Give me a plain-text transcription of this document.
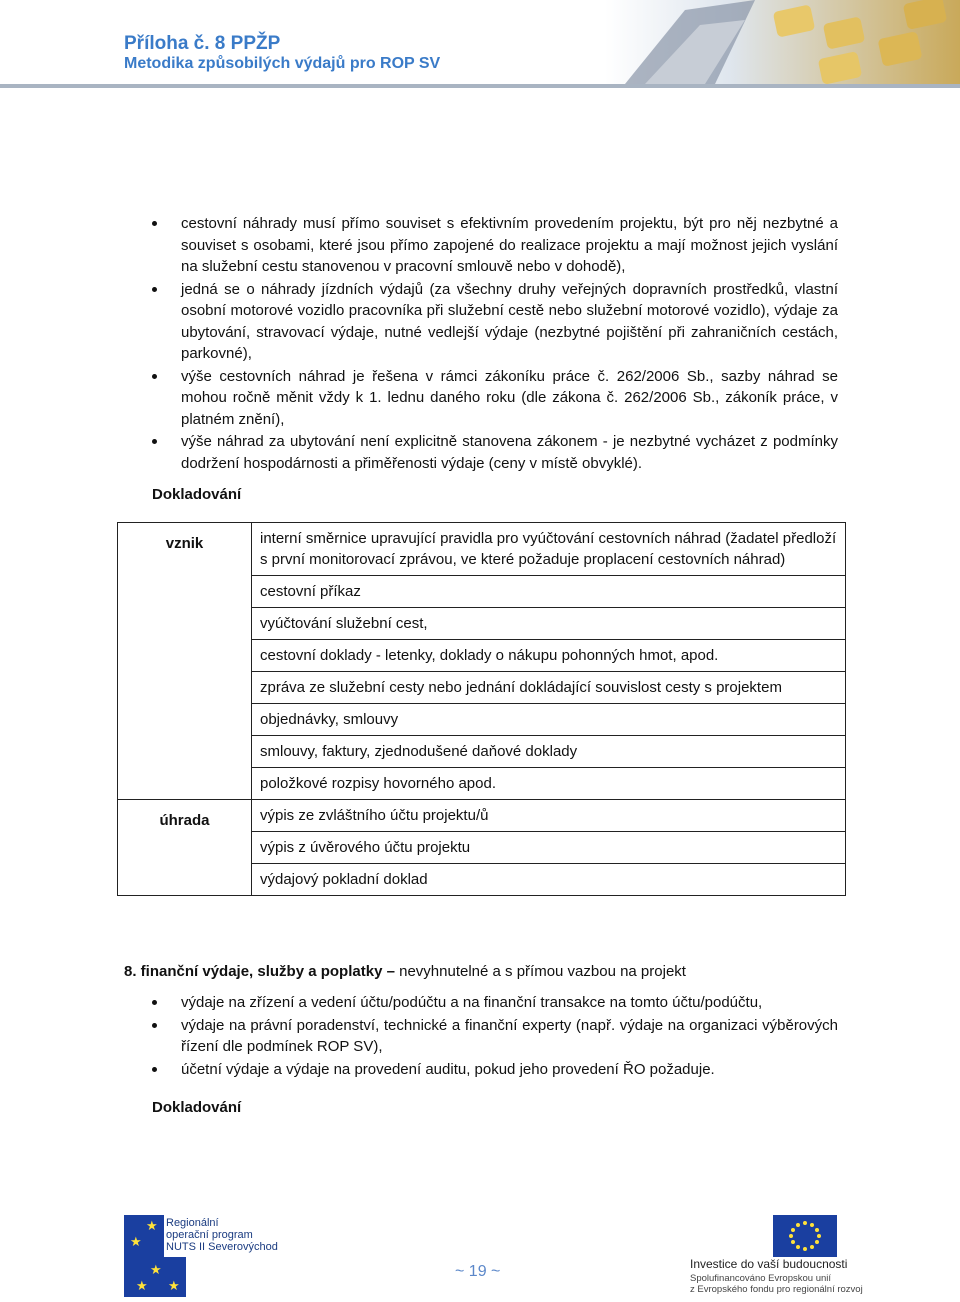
Příloha č. 8 PPŽP
Metodika způsobilých výdajů pro ROP SV
cestovní náhrady musí přímo souviset s efektivním provedením projektu, být pro něj nezbytné a souviset s osobami, které jsou přímo zapojené do realizace projektu a mají možnost jejich vyslání na služební cestu stanovenou v pracovní smlouvě nebo v dohodě),
jedná se o náhrady jízdních výdajů (za všechny druhy veřejných dopravních prostředků, vlastní osobní motorové vozidlo pracovníka při služební cestě nebo služební motorové vozidlo), výdaje za ubytování, stravovací výdaje, nutné vedlejší výdaje (nezbytné pojištění při zahraničních cestách, parkovné),
výše cestovních náhrad je řešena v rámci zákoníku práce č. 262/2006 Sb., sazby náhrad se mohou ročně měnit vždy k 1. lednu daného roku (dle zákona č. 262/2006 Sb., zákoník práce, v platném znění),
výše náhrad za ubytování není explicitně stanovena zákonem - je nezbytné vycházet z podmínky dodržení hospodárnosti a přiměřenosti výdaje (ceny v místě obvyklé).
Dokladování
vznik	interní směrnice upravující pravidla pro vyúčtování cestovních náhrad (žadatel předloží s první monitorovací zprávou, ve které požaduje proplacení cestovních náhrad)
	cestovní příkaz
	vyúčtování služební cest,
	cestovní doklady - letenky, doklady o nákupu pohonných hmot, apod.
	zpráva ze služební cesty nebo jednání dokládající souvislost cesty s projektem
	objednávky, smlouvy
	smlouvy, faktury, zjednodušené daňové doklady
	položkové rozpisy hovorného apod.
úhrada	výpis ze zvláštního účtu projektu/ů
	výpis z úvěrového účtu projektu
	výdajový pokladní doklad
8. finanční výdaje, služby a poplatky – nevyhnutelné a s přímou vazbou na projekt
výdaje na zřízení a vedení účtu/podúčtu a na finanční transakce na tomto účtu/podúčtu,
výdaje na právní poradenství, technické a finanční experty (např. výdaje na organizaci výběrových řízení dle podmínek ROP SV),
účetní výdaje a výdaje na provedení auditu, pokud jeho provedení ŘO požaduje.
Dokladování
★
★
★
★ ★
Regionální
operační program
NUTS II Severovýchod
~ 19 ~	Investice do vaší budoucnosti
Spolufinancováno Evropskou unií
z Evropského fondu pro regionální rozvoj
